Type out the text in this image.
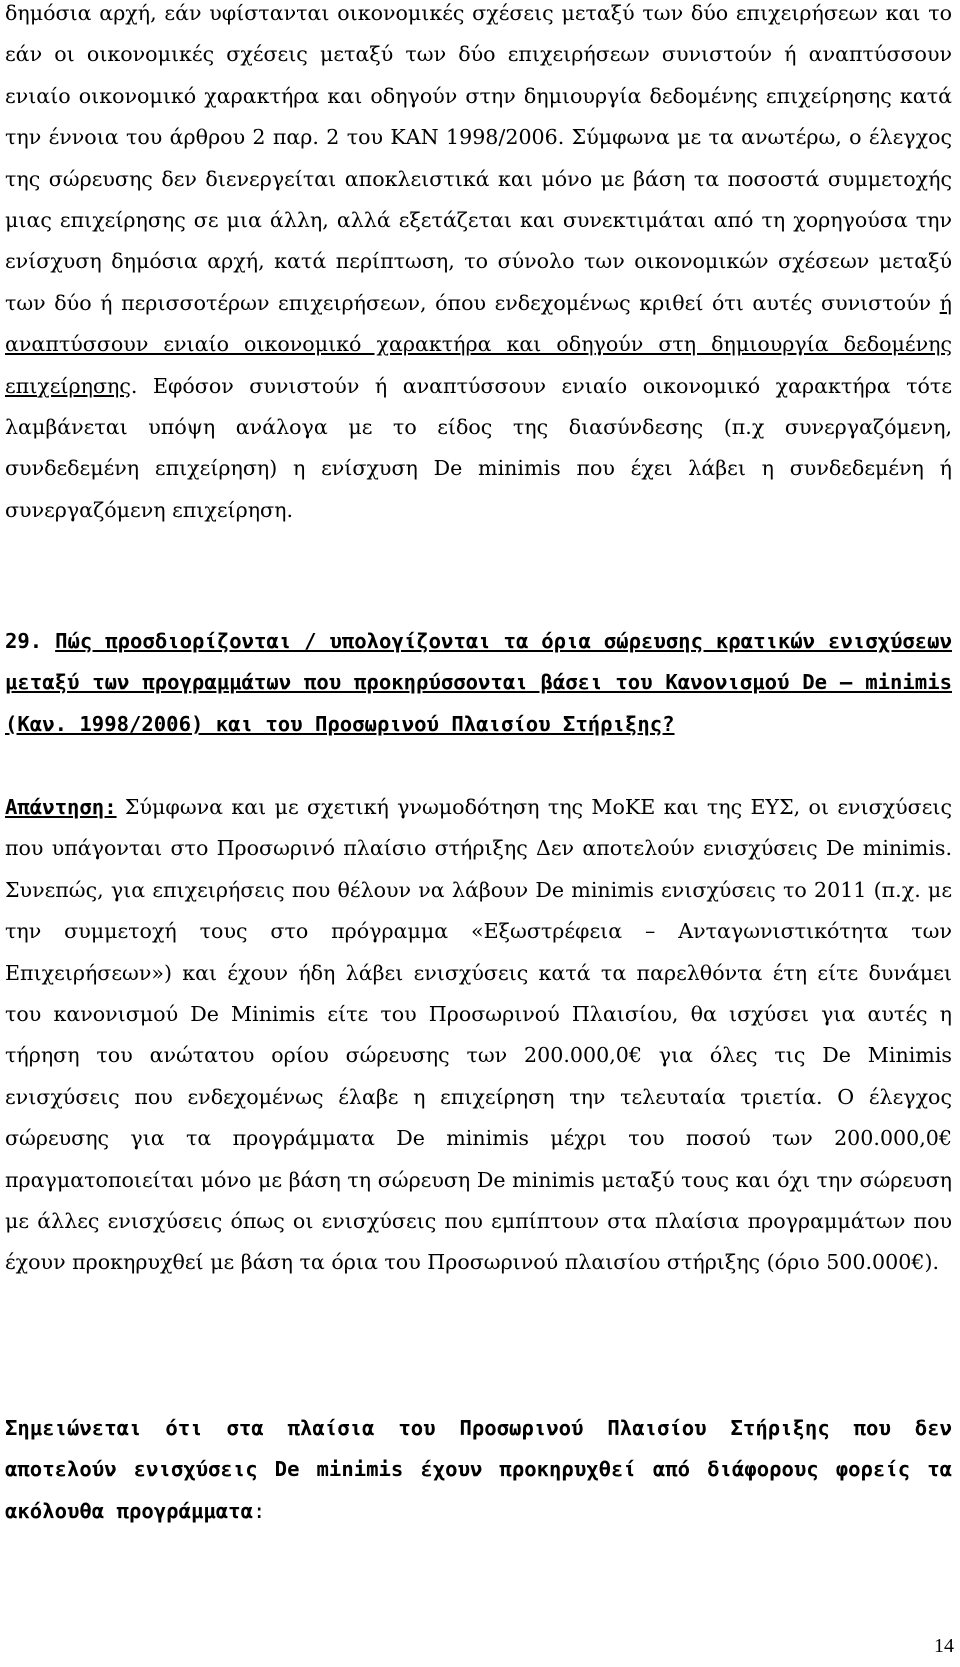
δημόσια αρχή, εάν υφίστανται οικονομικές σχέσεις μεταξύ των δύο επιχειρήσεων και το εάν οι οικονομικές σχέσεις μεταξύ των δύο επιχειρήσεων συνιστούν ή αναπτύσσουν ενιαίο οικονομικό χαρακτήρα και οδηγούν στην δημιουργία δεδομένης επιχείρησης κατά την έννοια του άρθρου 2 παρ. 2 του ΚΑΝ 1998/2006. Σύμφωνα με τα ανωτέρω, ο έλεγχος της σώρευσης δεν διενεργείται αποκλειστικά και μόνο με βάση τα ποσοστά συμμετοχής μιας επιχείρησης σε μια άλλη, αλλά εξετάζεται και συνεκτιμάται από τη χορηγούσα την ενίσχυση δημόσια αρχή, κατά περίπτωση, το σύνολο των οικονομικών σχέσεων μεταξύ των δύο ή περισσοτέρων επιχειρήσεων, όπου ενδεχομένως κριθεί ότι αυτές συνιστούν ή αναπτύσσουν ενιαίο οικονομικό χαρακτήρα και οδηγούν στη δημιουργία δεδομένης επιχείρησης. Εφόσον συνιστούν ή αναπτύσσουν ενιαίο οικονομικό χαρακτήρα τότε λαμβάνεται υπόψη ανάλογα με το είδος της διασύνδεσης (π.χ συνεργαζόμενη, συνδεδεμένη επιχείρηση) η ενίσχυση De minimis που έχει λάβει η συνδεδεμένη ή συνεργαζόμενη επιχείρηση.

29. Πώς προσδιορίζονται / υπολογίζονται τα όρια σώρευσης κρατικών ενισχύσεων μεταξύ των προγραμμάτων που προκηρύσσονται βάσει του Κανονισμού De – minimis (Καν. 1998/2006) και του Προσωρινού Πλαισίου Στήριξης?

Απάντηση: Σύμφωνα και με σχετική γνωμοδότηση της ΜοΚΕ και της ΕΥΣ, οι ενισχύσεις που υπάγονται στο Προσωρινό πλαίσιο στήριξης Δεν αποτελούν ενισχύσεις De minimis. Συνεπώς, για επιχειρήσεις που θέλουν να λάβουν De minimis ενισχύσεις το 2011 (π.χ. με την συμμετοχή τους στο πρόγραμμα «Εξωστρέφεια – Ανταγωνιστικότητα των Επιχειρήσεων») και έχουν ήδη λάβει ενισχύσεις κατά τα παρελθόντα έτη είτε δυνάμει του κανονισμού De Minimis είτε του Προσωρινού Πλαισίου, θα ισχύσει για αυτές η τήρηση του ανώτατου ορίου σώρευσης των 200.000,0€ για όλες τις De Minimis ενισχύσεις που ενδεχομένως έλαβε η επιχείρηση την τελευταία τριετία. Ο έλεγχος σώρευσης για τα προγράμματα De minimis μέχρι του ποσού των 200.000,0€ πραγματοποιείται μόνο με βάση τη σώρευση De minimis μεταξύ τους και όχι την σώρευση με άλλες ενισχύσεις όπως οι ενισχύσεις που εμπίπτουν στα πλαίσια προγραμμάτων που έχουν προκηρυχθεί με βάση τα όρια του Προσωρινού πλαισίου στήριξης (όριο 500.000€).

Σημειώνεται ότι στα πλαίσια του Προσωρινού Πλαισίου Στήριξης που δεν αποτελούν ενισχύσεις De minimis έχουν προκηρυχθεί από διάφορους φορείς τα ακόλουθα προγράμματα:

14
